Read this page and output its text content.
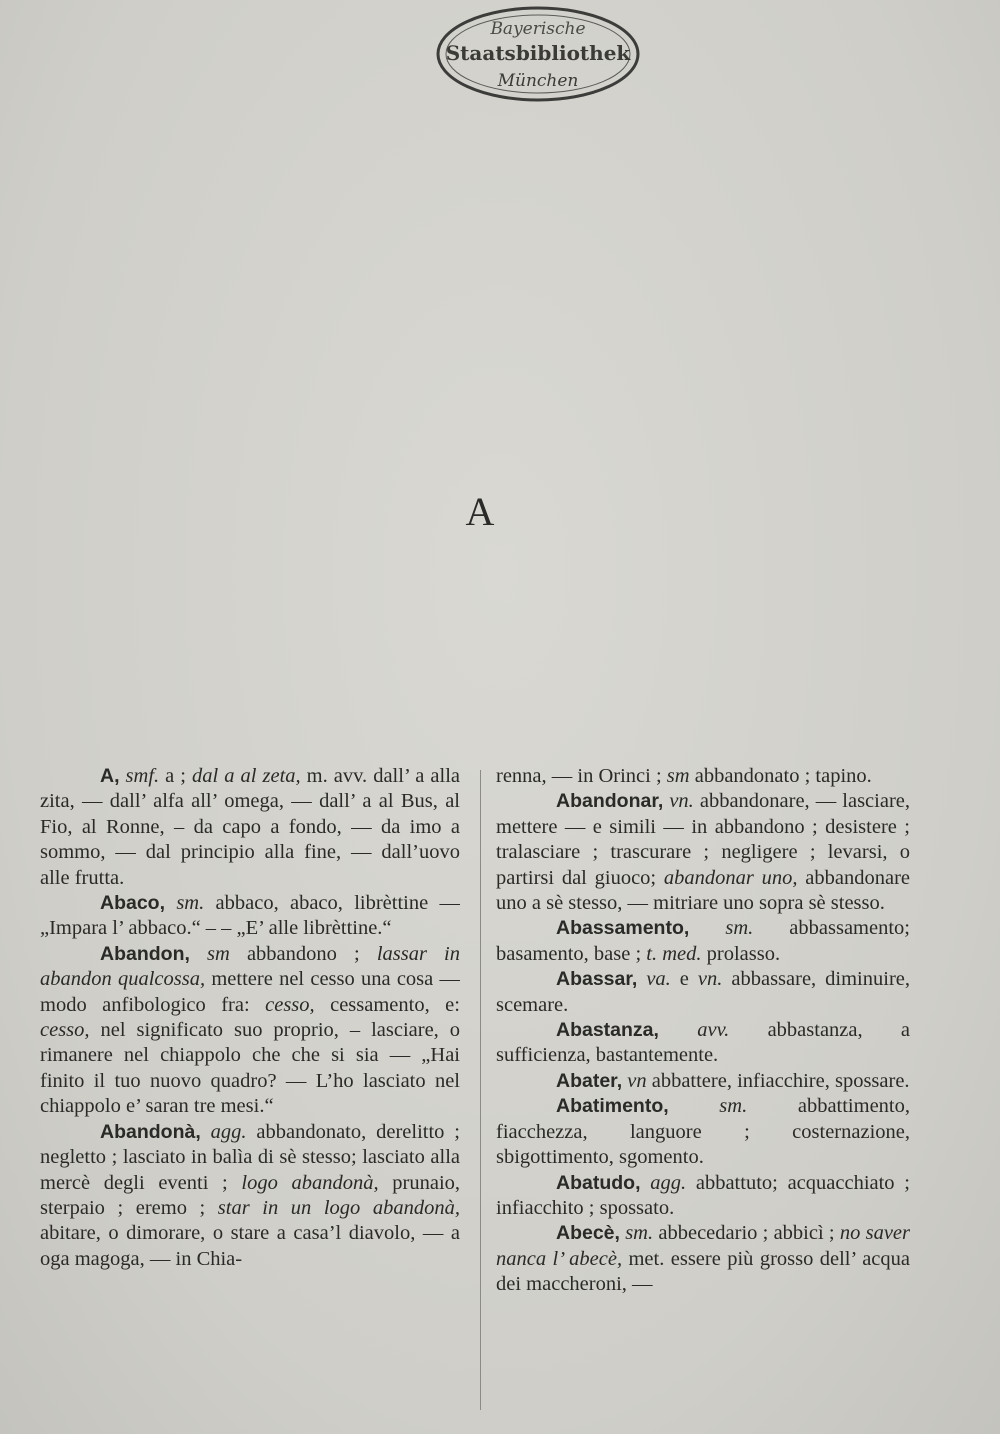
Bayerische
Staatsbibliothek
München
A

A, smf. a ; dal a al zeta, m. avv. dall’ a alla zita, — dall’ alfa all’ omega, — dall’ a al Bus, al Fio, al Ronne, – da capo a fondo, — da imo a sommo, — dal principio alla fine, — dall’uovo alle frutta.

Abaco, sm. abbaco, abaco, librèttine — „Impara l’ abbaco.“ – – „E’ alle librèttine.“

Abandon, sm abbandono ; lassar in abandon qualcossa, mettere nel cesso una cosa — modo anfibologico fra: cesso, cessamento, e: cesso, nel significato suo proprio, – lasciare, o rimanere nel chiappolo che che si sia — „Hai finito il tuo nuovo quadro? — L’ho lasciato nel chiappolo e’ saran tre mesi.“

Abandonà, agg. abbandonato, derelitto ; negletto ; lasciato in balìa di sè stesso; lasciato alla mercè degli eventi ; logo abandonà, prunaio, sterpaio ; eremo ; star in un logo abandonà, abitare, o dimorare, o stare a casa’l diavolo, — a oga magoga, — in Chia-

renna, — in Orinci ; sm abbandonato ; tapino.

Abandonar, vn. abbandonare, — lasciare, mettere — e simili — in abbandono ; desistere ; tralasciare ; trascurare ; negligere ; levarsi, o partirsi dal giuoco; abandonar uno, abbandonare uno a sè stesso, — mitriare uno sopra sè stesso.

Abassamento, sm. abbassamento; basamento, base ; t. med. prolasso.

Abassar, va. e vn. abbassare, diminuire, scemare.

Abastanza, avv. abbastanza, a sufficienza, bastantemente.

Abater, vn abbattere, infiacchire, spossare.

Abatimento, sm. abbattimento, fiacchezza, languore ; costernazione, sbigottimento, sgomento.

Abatudo, agg. abbattuto; acquacchiato ; infiacchito ; spossato.

Abecè, sm. abbecedario ; abbicì ; no saver nanca l’ abecè, met. essere più grosso dell’ acqua dei maccheroni, —
